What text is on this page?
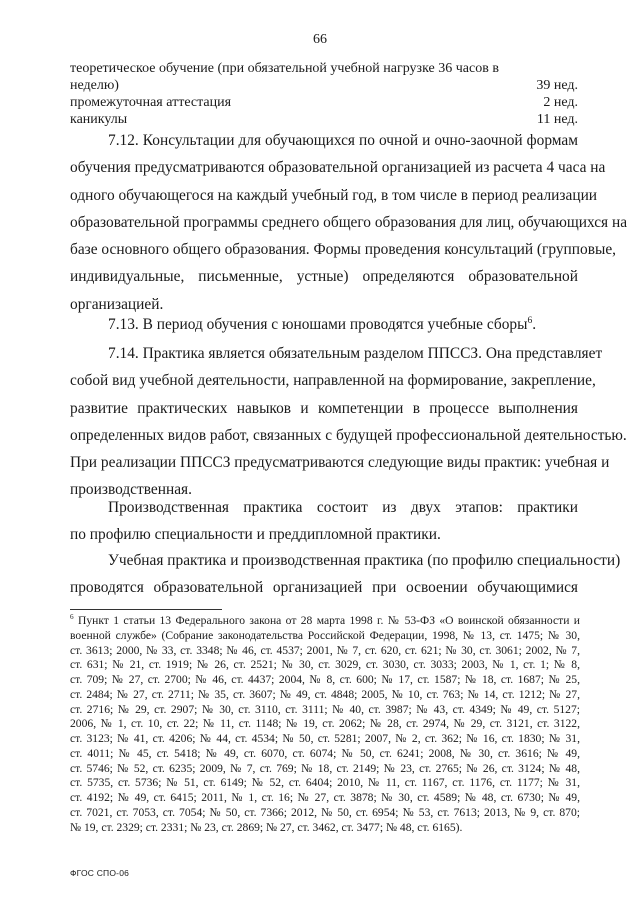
66
теоретическое обучение (при обязательной учебной нагрузке 36 часов в
неделю)	39 нед.
промежуточная аттестация	2 нед.
каникулы	11 нед.
7.12. Консультации для обучающихся по очной и очно-заочной формам
обучения предусматриваются образовательной организацией из расчета 4 часа на
одного обучающегося на каждый учебный год, в том числе в период реализации
образовательной программы среднего общего образования для лиц, обучающихся на
базе основного общего образования. Формы проведения консультаций (групповые,
индивидуальные, письменные, устные) определяются образовательной
организацией.
7.13. В период обучения с юношами проводятся учебные сборы$^6$.
7.14. Практика является обязательным разделом ППССЗ. Она представляет
собой вид учебной деятельности, направленной на формирование, закрепление,
развитие практических навыков и компетенции в процессе выполнения
определенных видов работ, связанных с будущей профессиональной деятельностью.
При реализации ППССЗ предусматриваются следующие виды практик: учебная и
производственная.
Производственная практика состоит из двух этапов: практики
по профилю специальности и преддипломной практики.
Учебная практика и производственная практика (по профилю специальности)
проводятся образовательной организацией при освоении обучающимися
$^6$ Пункт 1 статьи 13 Федерального закона от 28 марта 1998 г. № 53-ФЗ «О воинской обязанности и
военной службе» (Собрание законодательства Российской Федерации, 1998, № 13, ст. 1475; № 30,
ст. 3613; 2000, № 33, ст. 3348; № 46, ст. 4537; 2001, № 7, ст. 620, ст. 621; № 30, ст. 3061; 2002, № 7,
ст. 631; № 21, ст. 1919; № 26, ст. 2521; № 30, ст. 3029, ст. 3030, ст. 3033; 2003, № 1, ст. 1; № 8,
ст. 709; № 27, ст. 2700; № 46, ст. 4437; 2004, № 8, ст. 600; № 17, ст. 1587; № 18, ст. 1687; № 25,
ст. 2484; № 27, ст. 2711; № 35, ст. 3607; № 49, ст. 4848; 2005, № 10, ст. 763; № 14, ст. 1212; № 27,
ст. 2716; № 29, ст. 2907; № 30, ст. 3110, ст. 3111; № 40, ст. 3987; № 43, ст. 4349; № 49, ст. 5127;
2006, № 1, ст. 10, ст. 22; № 11, ст. 1148; № 19, ст. 2062; № 28, ст. 2974, № 29, ст. 3121, ст. 3122,
ст. 3123; № 41, ст. 4206; № 44, ст. 4534; № 50, ст. 5281; 2007, № 2, ст. 362; № 16, ст. 1830; № 31,
ст. 4011; № 45, ст. 5418; № 49, ст. 6070, ст. 6074; № 50, ст. 6241; 2008, № 30, ст. 3616; № 49,
ст. 5746; № 52, ст. 6235; 2009, № 7, ст. 769; № 18, ст. 2149; № 23, ст. 2765; № 26, ст. 3124; № 48,
ст. 5735, ст. 5736; № 51, ст. 6149; № 52, ст. 6404; 2010, № 11, ст. 1167, ст. 1176, ст. 1177; № 31,
ст. 4192; № 49, ст. 6415; 2011, № 1, ст. 16; № 27, ст. 3878; № 30, ст. 4589; № 48, ст. 6730; № 49,
ст. 7021, ст. 7053, ст. 7054; № 50, ст. 7366; 2012, № 50, ст. 6954; № 53, ст. 7613; 2013, № 9, ст. 870;
№ 19, ст. 2329; ст. 2331; № 23, ст. 2869; № 27, ст. 3462, ст. 3477; № 48, ст. 6165).
ФГОС СПО-06
